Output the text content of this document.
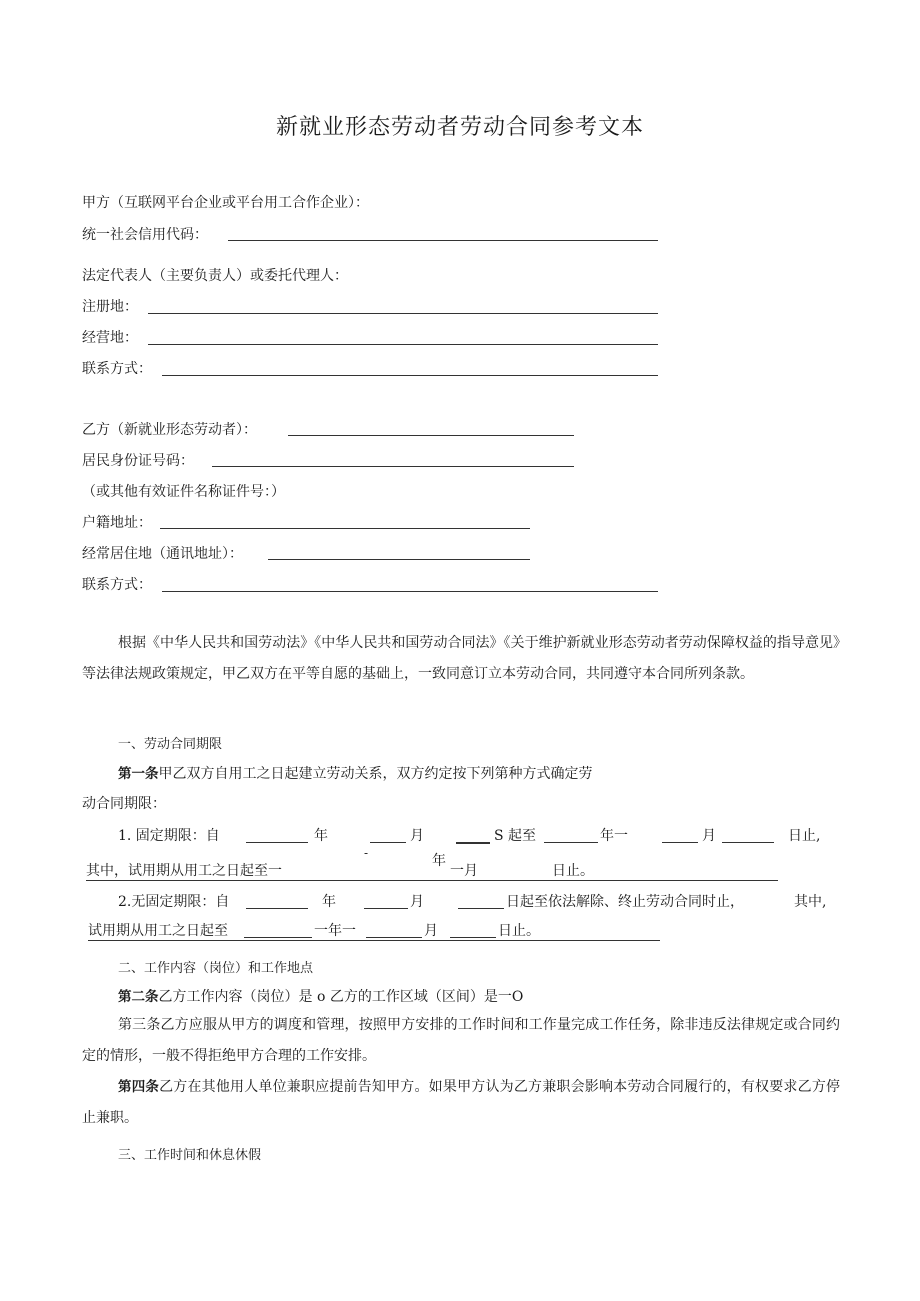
新就业形态劳动者劳动合同参考文本
甲方（互联网平台企业或平台用工合作企业）：
统一社会信用代码：
法定代表人（主要负责人）或委托代理人：
注册地：
经营地：
联系方式：
乙方（新就业形态劳动者）：
居民身份证号码：
（或其他有效证件名称证件号：）
户籍地址：
经常居住地（通讯地址）：
联系方式：
根据《中华人民共和国劳动法》《中华人民共和国劳动合同法》《关于维护新就业形态劳动者劳动保障权益的指导意见》等法律法规政策规定，甲乙双方在平等自愿的基础上，一致同意订立本劳动合同，共同遵守本合同所列条款。
一、劳动合同期限
第一条甲乙双方自用工之日起建立劳动关系，双方约定按下列第种方式确定劳
动合同期限：
1. 固定期限：自	年	月	S 起至	年一	月	日止,
其中，试用期从用工之日起至一
-	年
一月	日止。
2.无固定期限：自	年	月	日起至依法解除、终止劳动合同时止，	其中,
试用期从用工之日起至	一年一	月	日止。
二、工作内容（岗位）和工作地点
第二条乙方工作内容（岗位）是 o 乙方的工作区域（区间）是一O
第三条乙方应服从甲方的调度和管理，按照甲方安排的工作时间和工作量完成工作任务，除非违反法律规定或合同约定的情形，一般不得拒绝甲方合理的工作安排。
第四条乙方在其他用人单位兼职应提前告知甲方。如果甲方认为乙方兼职会影响本劳动合同履行的，有权要求乙方停止兼职。
三、工作时间和休息休假
